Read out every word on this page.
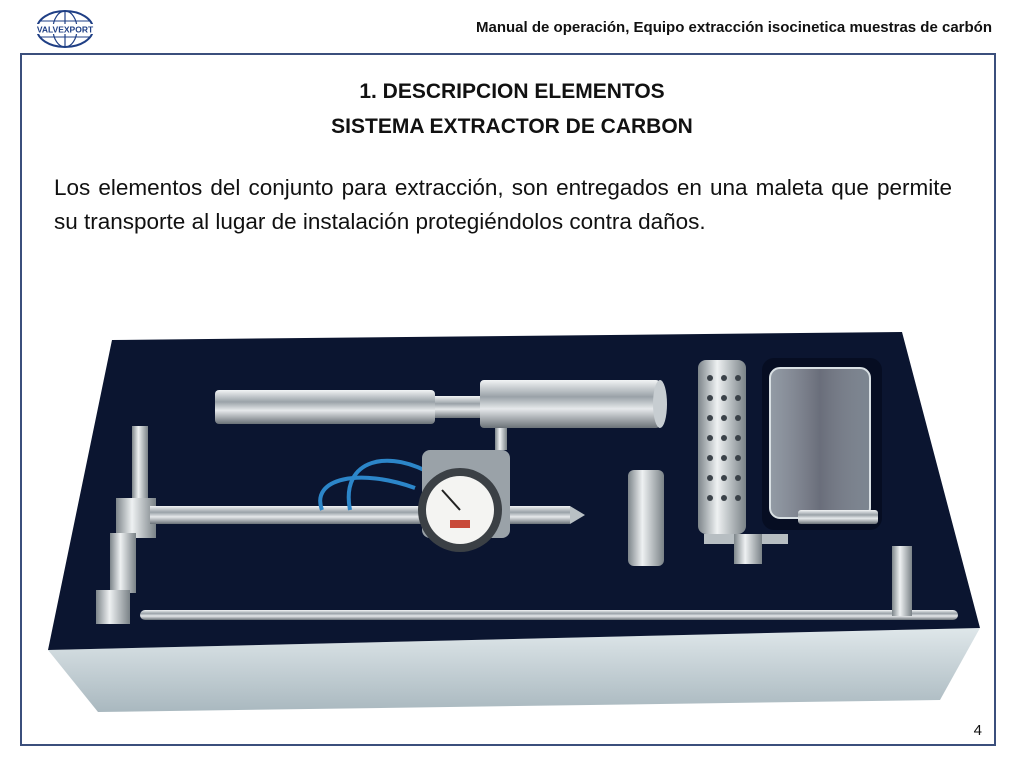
VALVEXPORT	Manual de operación, Equipo extracción isocinetica muestras de carbón
1. DESCRIPCION ELEMENTOS
SISTEMA EXTRACTOR DE CARBON
Los elementos del conjunto para extracción, son entregados en una maleta que permite su transporte al lugar de instalación protegiéndolos contra daños.
4
